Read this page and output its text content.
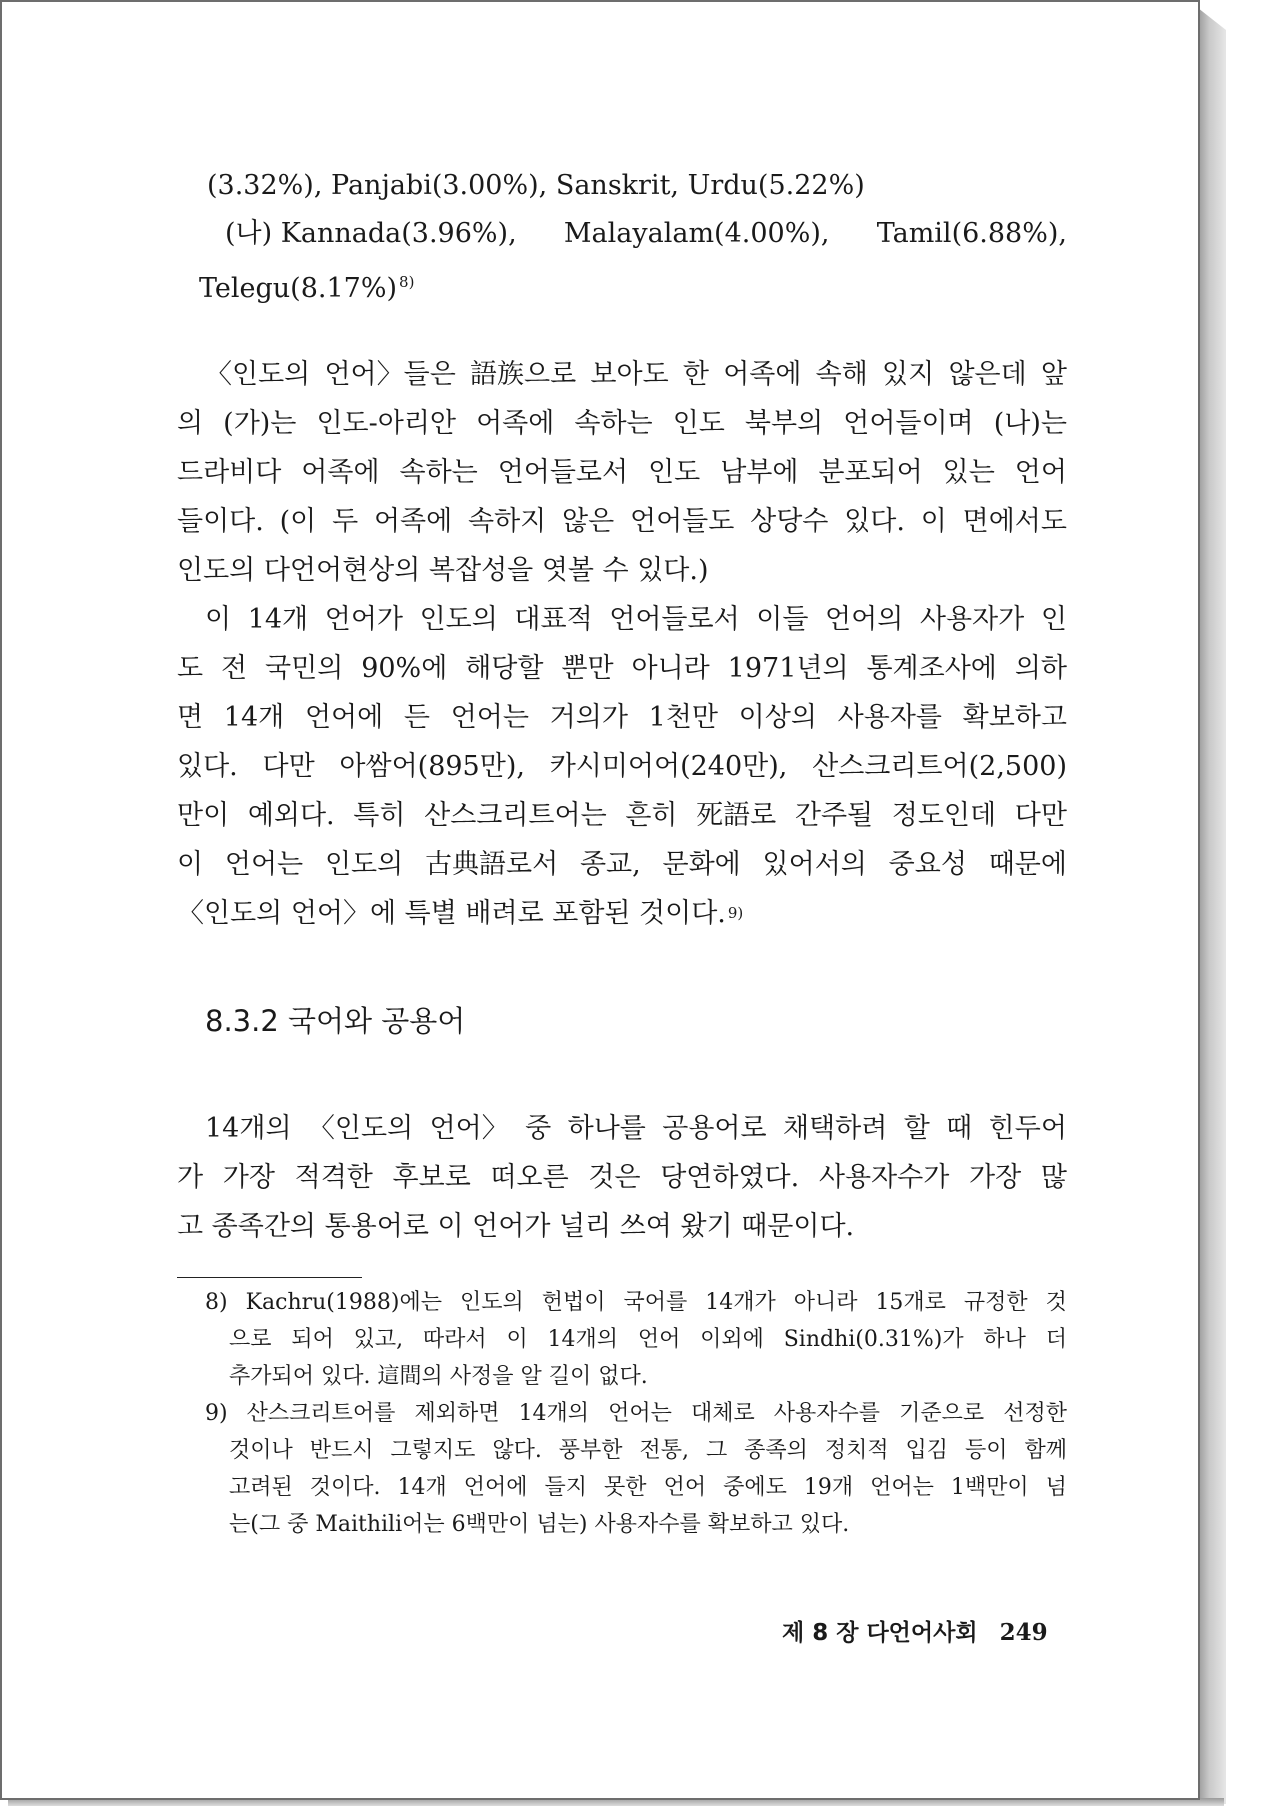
(3.32%), Panjabi(3.00%), Sanskrit, Urdu(5.22%)
(나) Kannada(3.96%), Malayalam(4.00%), Tamil(6.88%),
Telegu(8.17%) $^{8)}$
〈인도의 언어〉들은 語族으로 보아도 한 어족에 속해 있지 않은데 앞
의 (가)는 인도-아리안 어족에 속하는 인도 북부의 언어들이며 (나)는
드라비다 어족에 속하는 언어들로서 인도 남부에 분포되어 있는 언어
들이다. (이 두 어족에 속하지 않은 언어들도 상당수 있다. 이 면에서도
인도의 다언어현상의 복잡성을 엿볼 수 있다.)
이 14개 언어가 인도의 대표적 언어들로서 이들 언어의 사용자가 인
도 전 국민의 90%에 해당할 뿐만 아니라 1971년의 통계조사에 의하
면 14개 언어에 든 언어는 거의가 1천만 이상의 사용자를 확보하고
있다. 다만 아쌈어(895만), 카시미어어(240만), 산스크리트어(2,500)
만이 예외다. 특히 산스크리트어는 흔히 死語로 간주될 정도인데 다만
이 언어는 인도의 古典語로서 종교, 문화에 있어서의 중요성 때문에
〈인도의 언어〉에 특별 배려로 포함된 것이다. 9)
8.3.2 국어와 공용어
14개의 〈인도의 언어〉 중 하나를 공용어로 채택하려 할 때 힌두어
가 가장 적격한 후보로 떠오른 것은 당연하였다. 사용자수가 가장 많
고 종족간의 통용어로 이 언어가 널리 쓰여 왔기 때문이다.
8) Kachru(1988)에는 인도의 헌법이 국어를 14개가 아니라 15개로 규정한 것
으로 되어 있고, 따라서 이 14개의 언어 이외에 Sindhi(0.31%)가 하나 더
추가되어 있다. 這間의 사정을 알 길이 없다.
9) 산스크리트어를 제외하면 14개의 언어는 대체로 사용자수를 기준으로 선정한
것이나 반드시 그렇지도 않다. 풍부한 전통, 그 종족의 정치적 입김 등이 함께
고려된 것이다. 14개 언어에 들지 못한 언어 중에도 19개 언어는 1백만이 넘
는(그 중 Maithili어는 6백만이 넘는) 사용자수를 확보하고 있다.
제 8 장 다언어사회 249
